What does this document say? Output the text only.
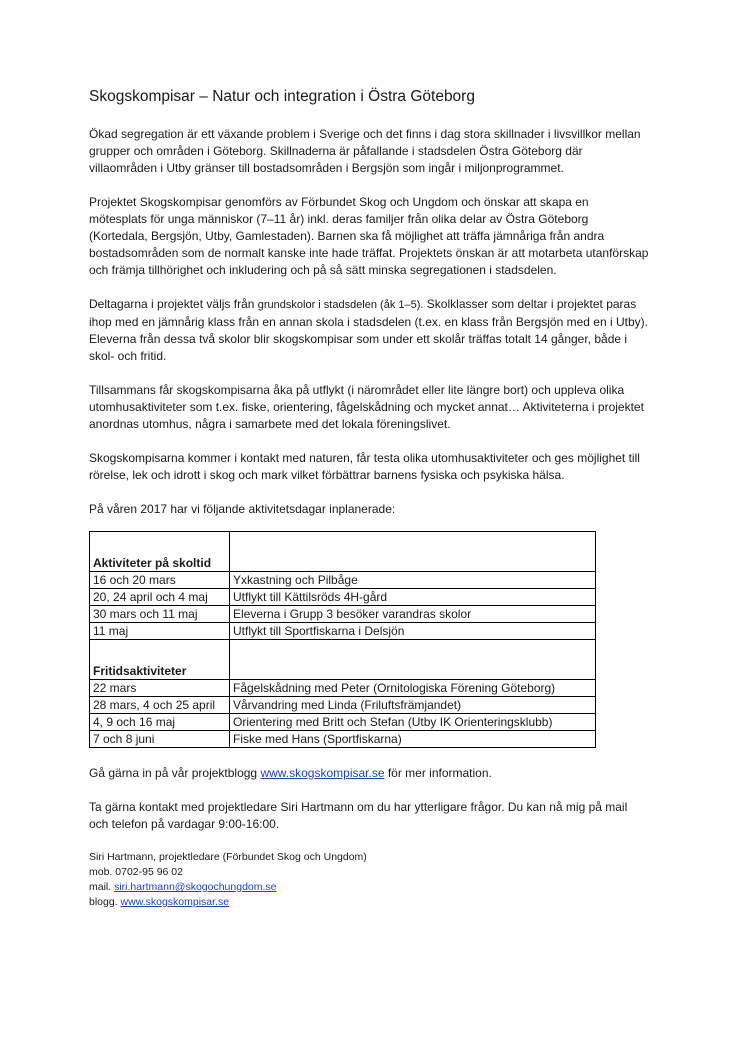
Skogskompisar – Natur och integration i Östra Göteborg

Ökad segregation är ett växande problem i Sverige och det finns i dag stora skillnader i livsvillkor mellan grupper och områden i Göteborg. Skillnaderna är påfallande i stadsdelen Östra Göteborg där villaområden i Utby gränser till bostadsområden i Bergsjön som ingår i miljonprogrammet.

Projektet Skogskompisar genomförs av Förbundet Skog och Ungdom och önskar att skapa en mötesplats för unga människor (7–11 år) inkl. deras familjer från olika delar av Östra Göteborg (Kortedala, Bergsjön, Utby, Gamlestaden). Barnen ska få möjlighet att träffa jämnåriga från andra bostadsområden som de normalt kanske inte hade träffat. Projektets önskan är att motarbeta utanförskap och främja tillhörighet och inkludering och på så sätt minska segregationen i stadsdelen.

Deltagarna i projektet väljs från grundskolor i stadsdelen (åk 1–5). Skolklasser som deltar i projektet paras ihop med en jämnårig klass från en annan skola i stadsdelen (t.ex. en klass från Bergsjön med en i Utby). Eleverna från dessa två skolor blir skogskompisar som under ett skolår träffas totalt 14 gånger, både i skol- och fritid.

Tillsammans får skogskompisarna åka på utflykt (i närområdet eller lite längre bort) och uppleva olika utomhusaktiviteter som t.ex. fiske, orientering, fågelskådning och mycket annat… Aktiviteterna i projektet anordnas utomhus, några i samarbete med det lokala föreningslivet.

Skogskompisarna kommer i kontakt med naturen, får testa olika utomhusaktiviteter och ges möjlighet till rörelse, lek och idrott i skog och mark vilket förbättrar barnens fysiska och psykiska hälsa.

På våren 2017 har vi följande aktivitetsdagar inplanerade:

Aktiviteter på skoltid	
16 och 20 mars	Yxkastning och Pilbåge
20, 24 april och 4 maj	Utflykt till Kättilsröds 4H-gård
30 mars och 11 maj	Eleverna i Grupp 3 besöker varandras skolor
11 maj	Utflykt till Sportfiskarna i Delsjön

Fritidsaktiviteter	
22 mars	Fågelskådning med Peter (Ornitologiska Förening Göteborg)
28 mars, 4 och 25 april	Vårvandring med Linda (Friluftsfrämjandet)
4, 9 och 16 maj	Orientering med Britt och Stefan (Utby IK Orienteringsklubb)
7 och 8 juni	Fiske med Hans (Sportfiskarna)

Gå gärna in på vår projektblogg www.skogskompisar.se för mer information.

Ta gärna kontakt med projektledare Siri Hartmann om du har ytterligare frågor. Du kan nå mig på mail och telefon på vardagar 9:00-16:00.

Siri Hartmann, projektledare (Förbundet Skog och Ungdom)
mob. 0702-95 96 02
mail. siri.hartmann@skogochungdom.se
blogg. www.skogskompisar.se
